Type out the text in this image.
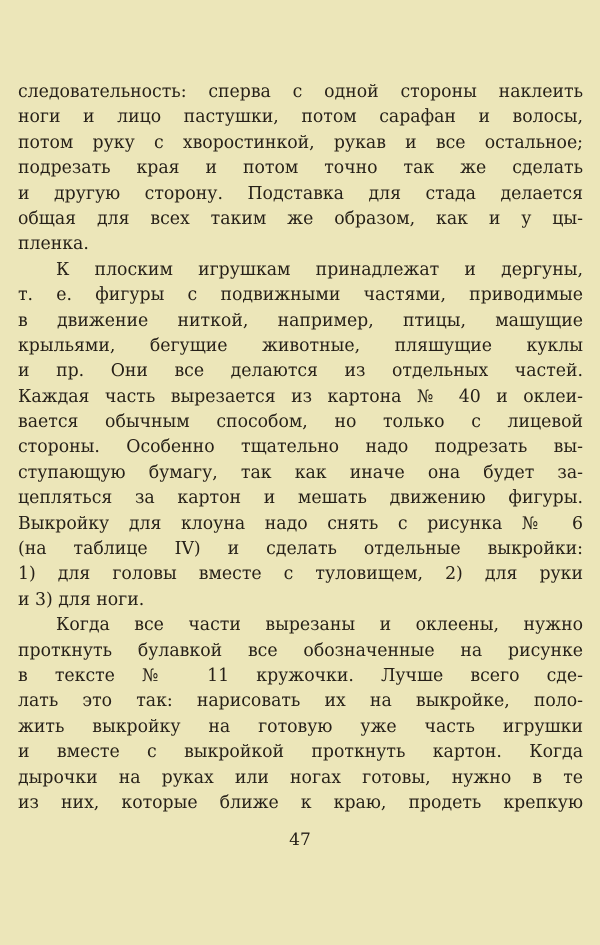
следовательность: сперва с одной стороны наклеить
ноги и лицо пастушки, потом сарафан и волосы,
потом руку с хворостинкой, рукав и все остальное;
подрезать края и потом точно так же сделать
и другую сторону. Подставка для стада делается
общая для всех таким же образом, как и у цы-
пленка.
К плоским игрушкам принадлежат и дергуны,
т. е. фигуры с подвижными частями, приводимые
в движение ниткой, например, птицы, машущие
крыльями, бегущие животные, пляшущие куклы
и пр. Они все делаются из отдельных частей.
Каждая часть вырезается из картона № 40 и оклеи-
вается обычным способом, но только с лицевой
стороны. Особенно тщательно надо подрезать вы-
ступающую бумагу, так как иначе она будет за-
цепляться за картон и мешать движению фигуры.
Выкройку для клоуна надо снять с рисунка № 6
(на таблице IV) и сделать отдельные выкройки:
1) для головы вместе с туловищем, 2) для руки
и 3) для ноги.
Когда все части вырезаны и оклеены, нужно
проткнуть булавкой все обозначенные на рисунке
в тексте № 11 кружочки. Лучше всего сде-
лать это так: нарисовать их на выкройке, поло-
жить выкройку на готовую уже часть игрушки
и вместе с выкройкой проткнуть картон. Когда
дырочки на руках или ногах готовы, нужно в те
из них, которые ближе к краю, продеть крепкую
47
